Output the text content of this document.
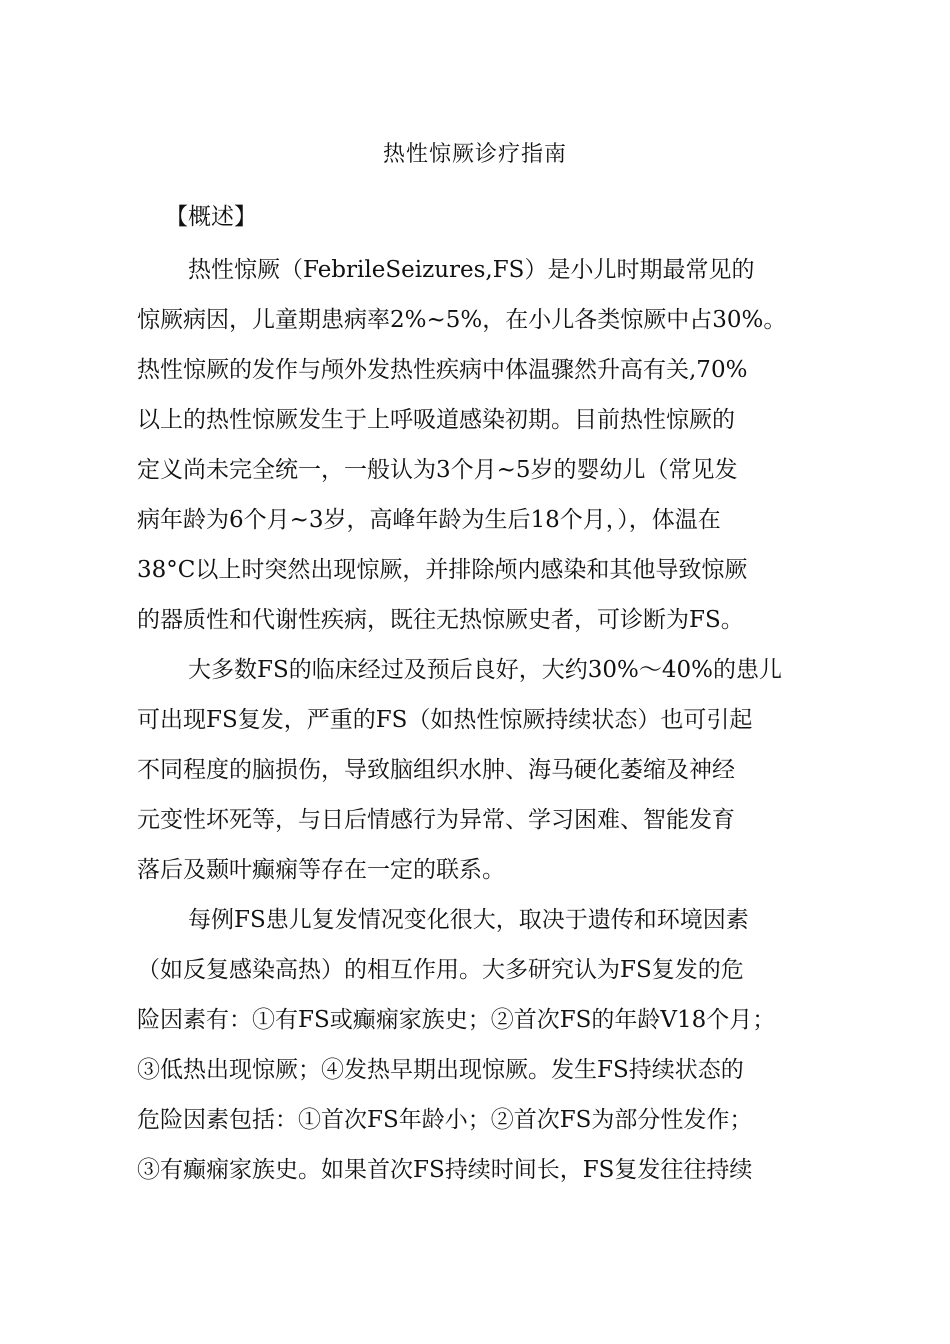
热性惊厥诊疗指南
【概述】
热性惊厥（FebrileSeizures,FS）是小儿时期最常见的
惊厥病因，儿童期患病率2%~5%，在小儿各类惊厥中占30%。
热性惊厥的发作与颅外发热性疾病中体温骤然升高有关,70%
以上的热性惊厥发生于上呼吸道感染初期。目前热性惊厥的
定义尚未完全统一，一般认为3个月~5岁的婴幼儿（常见发
病年龄为6个月~3岁，高峰年龄为生后18个月，），体温在
38°C以上时突然出现惊厥，并排除颅内感染和其他导致惊厥
的器质性和代谢性疾病，既往无热惊厥史者，可诊断为FS。
大多数FS的临床经过及预后良好，大约30%〜40%的患儿
可出现FS复发，严重的FS（如热性惊厥持续状态）也可引起
不同程度的脑损伤，导致脑组织水肿、海马硬化萎缩及神经
元变性坏死等，与日后情感行为异常、学习困难、智能发育
落后及颞叶癫痫等存在一定的联系。
每例FS患儿复发情况变化很大，取决于遗传和环境因素
（如反复感染高热）的相互作用。大多研究认为FS复发的危
险因素有：①有FS或癫痫家族史；②首次FS的年龄V18个月；
③低热出现惊厥；④发热早期出现惊厥。发生FS持续状态的
危险因素包括：①首次FS年龄小；②首次FS为部分性发作；
③有癫痫家族史。如果首次FS持续时间长，FS复发往往持续
